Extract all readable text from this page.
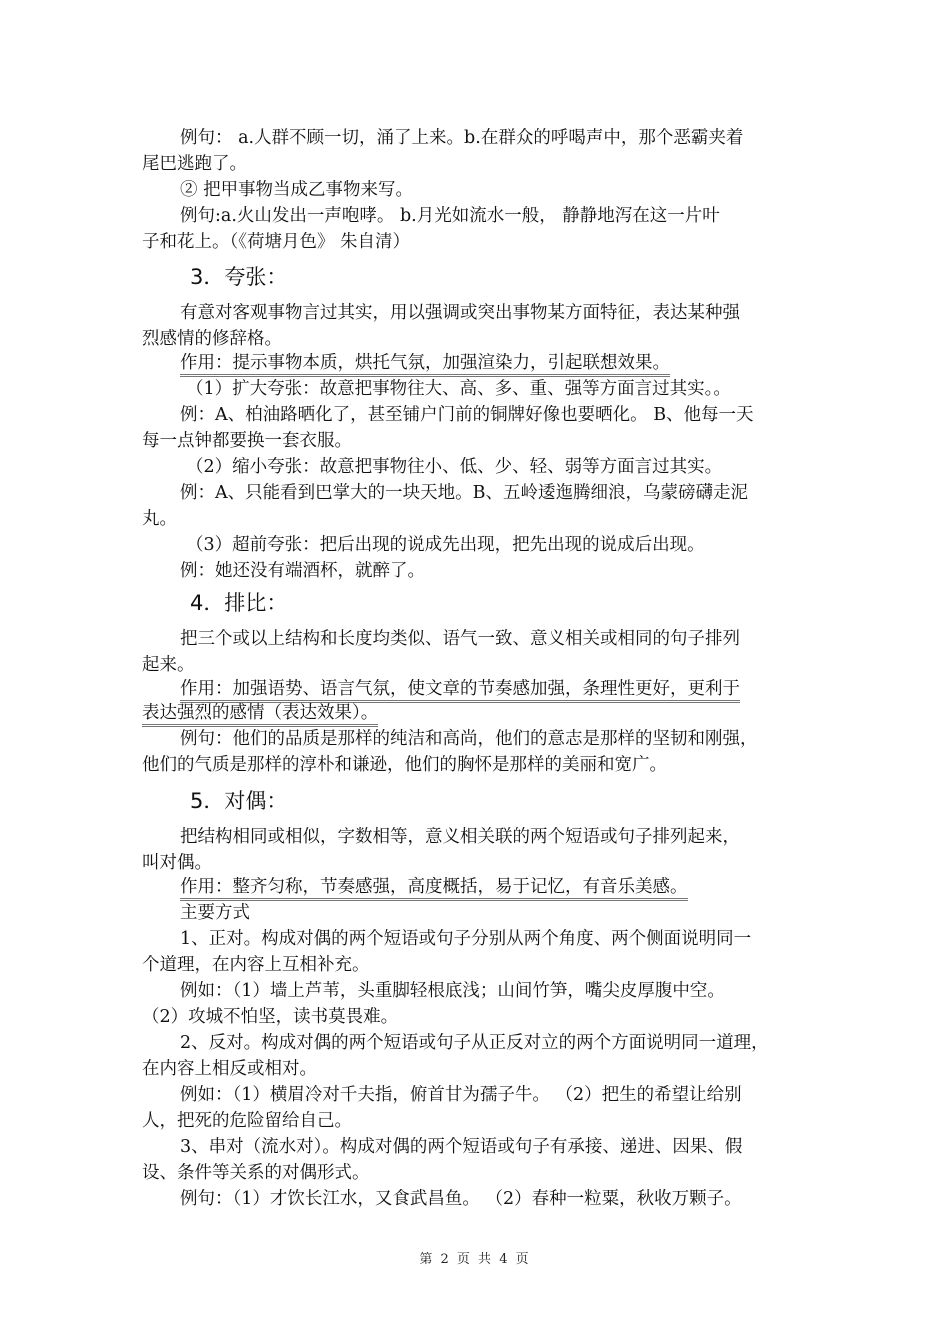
例句： a.人群不顾一切，涌了上来。b.在群众的呼喝声中，那个恶霸夹着
尾巴逃跑了。
② 把甲事物当成乙事物来写。
例句:a.火山发出一声咆哮。 b.月光如流水一般， 静静地泻在这一片叶
子和花上。（《荷塘月色》 朱自清）
3．夸张：
有意对客观事物言过其实，用以强调或突出事物某方面特征，表达某种强
烈感情的修辞格。
作用：提示事物本质，烘托气氛，加强渲染力，引起联想效果。
（1）扩大夸张：故意把事物往大、高、多、重、强等方面言过其实。。
例：A、柏油路晒化了，甚至铺户门前的铜牌好像也要晒化。 B、他每一天
每一点钟都要换一套衣服。
（2）缩小夸张：故意把事物往小、低、少、轻、弱等方面言过其实。
例：A、只能看到巴掌大的一块天地。B、五岭逶迤腾细浪，乌蒙磅礴走泥
丸。
（3）超前夸张：把后出现的说成先出现，把先出现的说成后出现。
例：她还没有端酒杯，就醉了。
4．排比：
把三个或以上结构和长度均类似、语气一致、意义相关或相同的句子排列
起来。
作用：加强语势、语言气氛，使文章的节奏感加强，条理性更好，更利于
表达强烈的感情（表达效果）。
例句：他们的品质是那样的纯洁和高尚，他们的意志是那样的坚韧和刚强，
他们的气质是那样的淳朴和谦逊，他们的胸怀是那样的美丽和宽广。
5．对偶：
把结构相同或相似，字数相等，意义相关联的两个短语或句子排列起来，
叫对偶。
作用：整齐匀称，节奏感强，高度概括，易于记忆，有音乐美感。
主要方式
1、正对。构成对偶的两个短语或句子分别从两个角度、两个侧面说明同一
个道理，在内容上互相补充。
例如：（1）墙上芦苇，头重脚轻根底浅；山间竹笋，嘴尖皮厚腹中空。
（2）攻城不怕坚，读书莫畏难。
2、反对。构成对偶的两个短语或句子从正反对立的两个方面说明同一道理，
在内容上相反或相对。
例如：（1）横眉冷对千夫指，俯首甘为孺子牛。 （2）把生的希望让给别
人，把死的危险留给自己。
3、串对（流水对）。构成对偶的两个短语或句子有承接、递进、因果、假
设、条件等关系的对偶形式。
例句：（1）才饮长江水，又食武昌鱼。 （2）春种一粒粟，秋收万颗子。
第 2 页 共 4 页
